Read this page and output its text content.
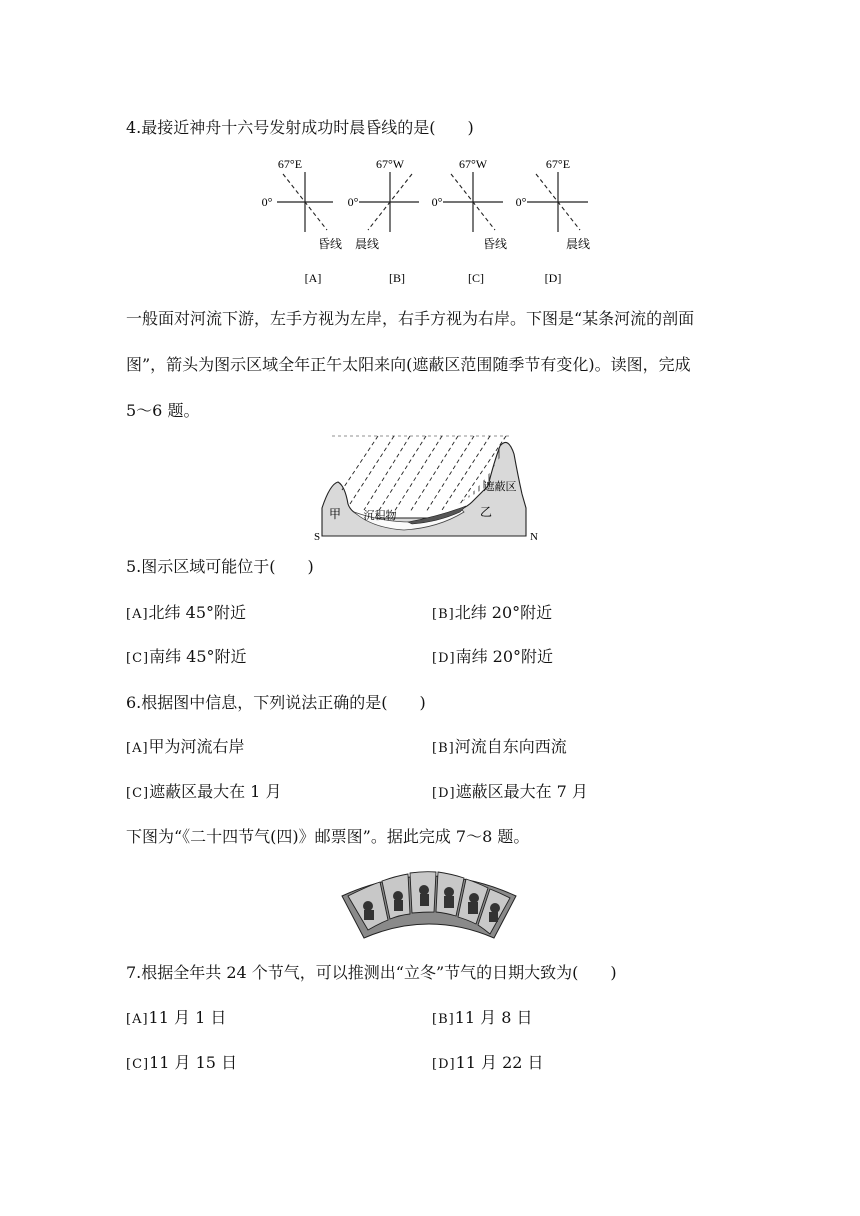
4.最接近神舟十六号发射成功时晨昏线的是(　　)
67°E
0°
昏线
[A]
67°W
0°
晨线
[B]
67°W
0°
昏线
[C]
67°E
0°
晨线
[D]
一般面对河流下游，左手方视为左岸，右手方视为右岸。下图是“某条河流的剖面
图”，箭头为图示区域全年正午太阳来向(遮蔽区范围随季节有变化)。读图，完成
5～6 题。
甲 沉积物
遮蔽区
乙
S	N
5.图示区域可能位于(　　)
[A]北纬 45°附近	[B]北纬 20°附近
[C]南纬 45°附近	[D]南纬 20°附近
6.根据图中信息，下列说法正确的是(　　)
[A]甲为河流右岸	[B]河流自东向西流
[C]遮蔽区最大在 1 月	[D]遮蔽区最大在 7 月
下图为“《二十四节气(四)》邮票图”。据此完成 7～8 题。
7.根据全年共 24 个节气，可以推测出“立冬”节气的日期大致为(　　)
[A]11 月 1 日	[B]11 月 8 日
[C]11 月 15 日	[D]11 月 22 日
